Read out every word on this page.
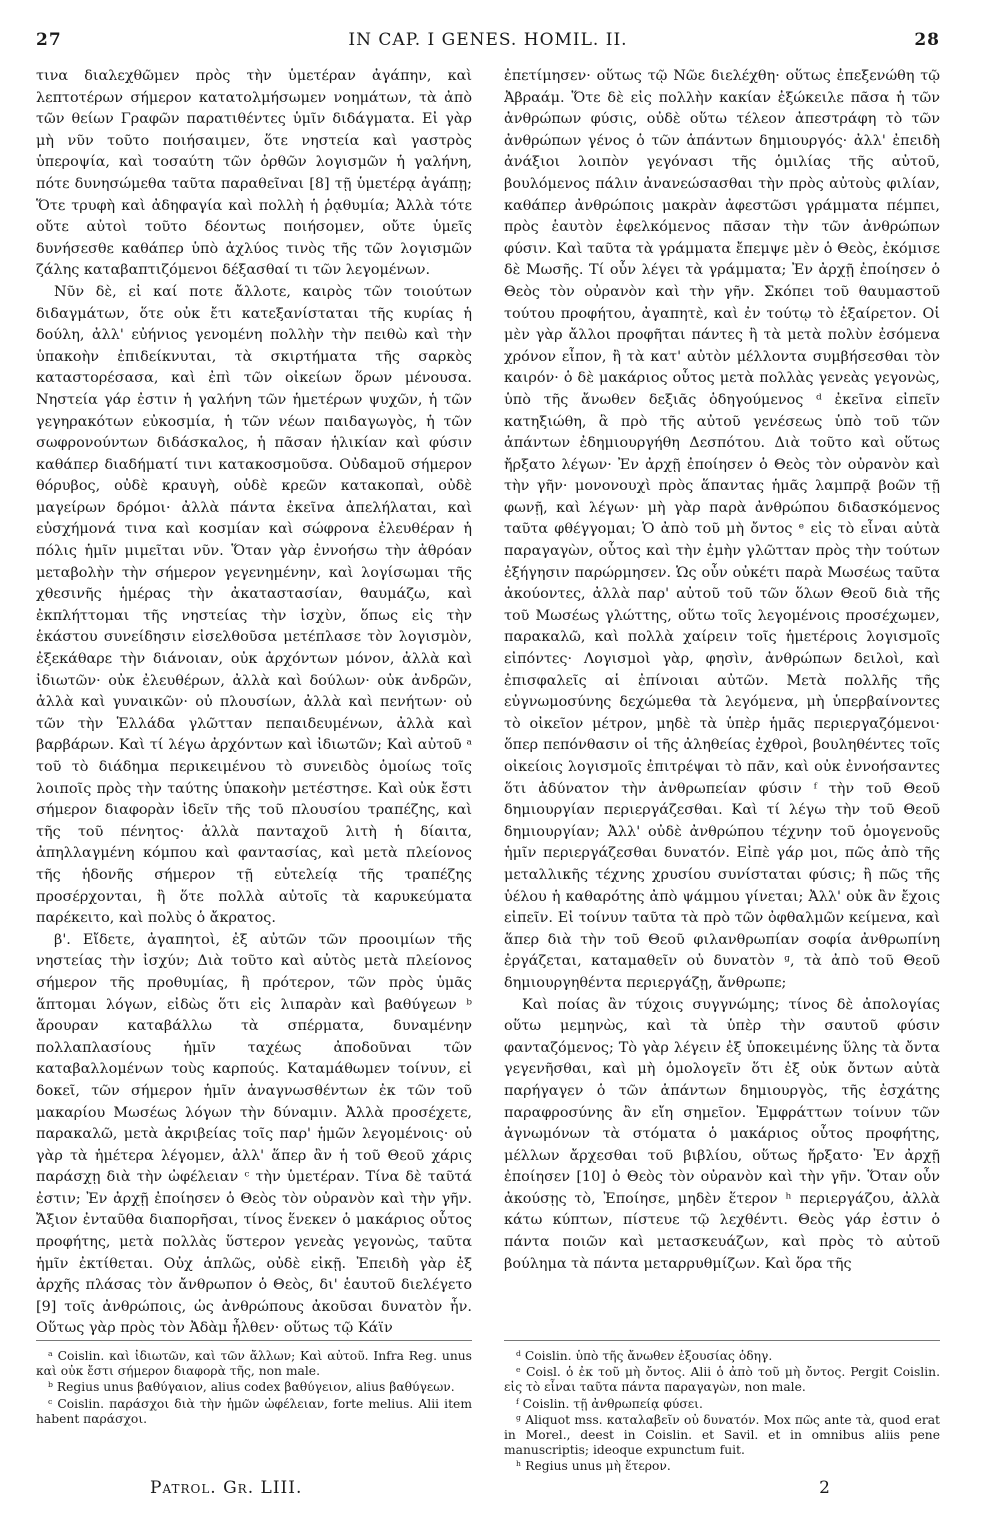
27	IN CAP. I GENES. HOMIL. II.	28

τινα διαλεχθῶμεν πρὸς τὴν ὑμετέραν ἀγάπην, καὶ λεπτοτέρων σήμερον κατατολμήσωμεν νοημάτων, τὰ ἀπὸ τῶν θείων Γραφῶν παρατιθέντες ὑμῖν διδάγματα. Εἰ γὰρ μὴ νῦν τοῦτο ποιήσαιμεν, ὅτε νηστεία καὶ γαστρὸς ὑπεροψία, καὶ τοσαύτη τῶν ὀρθῶν λογισμῶν ἡ γαλήνη, πότε δυνησώμεθα ταῦτα παραθεῖναι [8] τῇ ὑμετέρᾳ ἀγάπῃ; Ὅτε τρυφὴ καὶ ἀδηφαγία καὶ πολλὴ ἡ ῥᾳθυμία; Ἀλλὰ τότε οὔτε αὐτοὶ τοῦτο δέοντως ποιήσομεν, οὔτε ὑμεῖς δυνήσεσθε καθάπερ ὑπὸ ἀχλύος τινὸς τῆς τῶν λογισμῶν ζάλης καταβαπτιζόμενοι δέξασθαί τι τῶν λεγομένων.

Νῦν δὲ, εἰ καί ποτε ἄλλοτε, καιρὸς τῶν τοιούτων διδαγμάτων, ὅτε οὐκ ἔτι κατεξανίσταται τῆς κυρίας ἡ δούλη, ἀλλ' εὐήνιος γενομένη πολλὴν τὴν πειθὼ καὶ τὴν ὑπακοὴν ἐπιδείκνυται, τὰ σκιρτήματα τῆς σαρκὸς καταστορέσασα, καὶ ἐπὶ τῶν οἰκείων ὅρων μένουσα. Νηστεία γάρ ἐστιν ἡ γαλήνη τῶν ἡμετέρων ψυχῶν, ἡ τῶν γεγηρακότων εὐκοσμία, ἡ τῶν νέων παιδαγωγὸς, ἡ τῶν σωφρονούντων διδάσκαλος, ἡ πᾶσαν ἡλικίαν καὶ φύσιν καθάπερ διαδήματί τινι κατακοσμοῦσα. Οὐδαμοῦ σήμερον θόρυβος, οὐδὲ κραυγὴ, οὐδὲ κρεῶν κατακοπαὶ, οὐδὲ μαγείρων δρόμοι· ἀλλὰ πάντα ἐκεῖνα ἀπελήλαται, καὶ εὐσχήμονά τινα καὶ κοσμίαν καὶ σώφρονα ἐλευθέραν ἡ πόλις ἡμῖν μιμεῖται νῦν. Ὅταν γὰρ ἐννοήσω τὴν ἀθρόαν μεταβολὴν τὴν σήμερον γεγενημένην, καὶ λογίσωμαι τῆς χθεσινῆς ἡμέρας τὴν ἀκαταστασίαν, θαυμάζω, καὶ ἐκπλήττομαι τῆς νηστείας τὴν ἰσχὺν, ὅπως εἰς τὴν ἑκάστου συνείδησιν εἰσελθοῦσα μετέπλασε τὸν λογισμὸν, ἐξεκάθαρε τὴν διάνοιαν, οὐκ ἀρχόντων μόνον, ἀλλὰ καὶ ἰδιωτῶν· οὐκ ἐλευθέρων, ἀλλὰ καὶ δούλων· οὐκ ἀνδρῶν, ἀλλὰ καὶ γυναικῶν· οὐ πλουσίων, ἀλλὰ καὶ πενήτων· οὐ τῶν τὴν Ἑλλάδα γλῶτταν πεπαιδευμένων, ἀλλὰ καὶ βαρβάρων. Καὶ τί λέγω ἀρχόντων καὶ ἰδιωτῶν; Καὶ αὐτοῦ ᵃ τοῦ τὸ διάδημα περικειμένου τὸ συνειδὸς ὁμοίως τοῖς λοιποῖς πρὸς τὴν ταύτης ὑπακοὴν μετέστησε. Καὶ οὐκ ἔστι σήμερον διαφορὰν ἰδεῖν τῆς τοῦ πλουσίου τραπέζης, καὶ τῆς τοῦ πένητος· ἀλλὰ πανταχοῦ λιτὴ ἡ δίαιτα, ἀπηλλαγμένη κόμπου καὶ φαντασίας, καὶ μετὰ πλείονος τῆς ἡδονῆς σήμερον τῇ εὐτελείᾳ τῆς τραπέζης προσέρχονται, ἢ ὅτε πολλὰ αὐτοῖς τὰ καρυκεύματα παρέκειτο, καὶ πολὺς ὁ ἄκρατος.

β'. Εἴδετε, ἀγαπητοὶ, ἐξ αὐτῶν τῶν προοιμίων τῆς νηστείας τὴν ἰσχύν; Διὰ τοῦτο καὶ αὐτὸς μετὰ πλείονος σήμερον τῆς προθυμίας, ἢ πρότερον, τῶν πρὸς ὑμᾶς ἅπτομαι λόγων, εἰδὼς ὅτι εἰς λιπαρὰν καὶ βαθύγεων ᵇ ἄρουραν καταβάλλω τὰ σπέρματα, δυναμένην πολλαπλασίους ἡμῖν ταχέως ἀποδοῦναι τῶν καταβαλλομένων τοὺς καρπούς. Καταμάθωμεν τοίνυν, εἰ δοκεῖ, τῶν σήμερον ἡμῖν ἀναγνωσθέντων ἐκ τῶν τοῦ μακαρίου Μωσέως λόγων τὴν δύναμιν. Ἀλλὰ προσέχετε, παρακαλῶ, μετὰ ἀκριβείας τοῖς παρ' ἡμῶν λεγομένοις· οὐ γὰρ τὰ ἡμέτερα λέγομεν, ἀλλ' ἅπερ ἂν ἡ τοῦ Θεοῦ χάρις παράσχῃ διὰ τὴν ὠφέλειαν ᶜ τὴν ὑμετέραν. Τίνα δὲ ταῦτά ἐστιν; Ἐν ἀρχῇ ἐποίησεν ὁ Θεὸς τὸν οὐρανὸν καὶ τὴν γῆν. Ἄξιον ἐνταῦθα διαπορῆσαι, τίνος ἕνεκεν ὁ μακάριος οὗτος προφήτης, μετὰ πολλὰς ὕστερον γενεὰς γεγονὼς, ταῦτα ἡμῖν ἐκτίθεται. Οὐχ ἁπλῶς, οὐδὲ εἰκῇ. Ἐπειδὴ γὰρ ἐξ ἀρχῆς πλάσας τὸν ἄνθρωπον ὁ Θεὸς, δι' ἑαυτοῦ διελέγετο [9] τοῖς ἀνθρώποις, ὡς ἀνθρώπους ἀκοῦσαι δυνατὸν ἦν. Οὕτως γὰρ πρὸς τὸν Ἀδὰμ ἦλθεν· οὕτως τῷ Κάϊν

ἐπετίμησεν· οὕτως τῷ Νῶε διελέχθη· οὕτως ἐπεξενώθη τῷ Ἀβραάμ. Ὅτε δὲ εἰς πολλὴν κακίαν ἐξώκειλε πᾶσα ἡ τῶν ἀνθρώπων φύσις, οὐδὲ οὕτω τέλεον ἀπεστράφη τὸ τῶν ἀνθρώπων γένος ὁ τῶν ἁπάντων δημιουργός· ἀλλ' ἐπειδὴ ἀνάξιοι λοιπὸν γεγόνασι τῆς ὁμιλίας τῆς αὐτοῦ, βουλόμενος πάλιν ἀνανεώσασθαι τὴν πρὸς αὐτοὺς φιλίαν, καθάπερ ἀνθρώποις μακρὰν ἀφεστῶσι γράμματα πέμπει, πρὸς ἑαυτὸν ἐφελκόμενος πᾶσαν τὴν τῶν ἀνθρώπων φύσιν. Καὶ ταῦτα τὰ γράμματα ἔπεμψε μὲν ὁ Θεὸς, ἐκόμισε δὲ Μωσῆς. Τί οὖν λέγει τὰ γράμματα; Ἐν ἀρχῇ ἐποίησεν ὁ Θεὸς τὸν οὐρανὸν καὶ τὴν γῆν. Σκόπει τοῦ θαυμαστοῦ τούτου προφήτου, ἀγαπητὲ, καὶ ἐν τούτῳ τὸ ἐξαίρετον. Οἱ μὲν γὰρ ἄλλοι προφῆται πάντες ἢ τὰ μετὰ πολὺν ἐσόμενα χρόνον εἶπον, ἢ τὰ κατ' αὐτὸν μέλλοντα συμβήσεσθαι τὸν καιρόν· ὁ δὲ μακάριος οὗτος μετὰ πολλὰς γενεὰς γεγονὼς, ὑπὸ τῆς ἄνωθεν δεξιᾶς ὁδηγούμενος ᵈ ἐκεῖνα εἰπεῖν κατηξιώθη, ἃ πρὸ τῆς αὐτοῦ γενέσεως ὑπὸ τοῦ τῶν ἁπάντων ἐδημιουργήθη Δεσπότου. Διὰ τοῦτο καὶ οὕτως ἤρξατο λέγων· Ἐν ἀρχῇ ἐποίησεν ὁ Θεὸς τὸν οὐρανὸν καὶ τὴν γῆν· μονονουχὶ πρὸς ἅπαντας ἡμᾶς λαμπρᾷ βοῶν τῇ φωνῇ, καὶ λέγων· μὴ γὰρ παρὰ ἀνθρώπου διδασκόμενος ταῦτα φθέγγομαι; Ὁ ἀπὸ τοῦ μὴ ὄντος ᵉ εἰς τὸ εἶναι αὐτὰ παραγαγὼν, οὗτος καὶ τὴν ἐμὴν γλῶτταν πρὸς τὴν τούτων ἐξήγησιν παρώρμησεν. Ὡς οὖν οὐκέτι παρὰ Μωσέως ταῦτα ἀκούοντες, ἀλλὰ παρ' αὐτοῦ τοῦ τῶν ὅλων Θεοῦ διὰ τῆς τοῦ Μωσέως γλώττης, οὕτω τοῖς λεγομένοις προσέχωμεν, παρακαλῶ, καὶ πολλὰ χαίρειν τοῖς ἡμετέροις λογισμοῖς εἰπόντες· Λογισμοὶ γὰρ, φησὶν, ἀνθρώπων δειλοὶ, καὶ ἐπισφαλεῖς αἱ ἐπίνοιαι αὐτῶν. Μετὰ πολλῆς τῆς εὐγνωμοσύνης δεχώμεθα τὰ λεγόμενα, μὴ ὑπερβαίνοντες τὸ οἰκεῖον μέτρον, μηδὲ τὰ ὑπὲρ ἡμᾶς περιεργαζόμενοι· ὅπερ πεπόνθασιν οἱ τῆς ἀληθείας ἐχθροὶ, βουληθέντες τοῖς οἰκείοις λογισμοῖς ἐπιτρέψαι τὸ πᾶν, καὶ οὐκ ἐννοήσαντες ὅτι ἀδύνατον τὴν ἀνθρωπείαν φύσιν ᶠ τὴν τοῦ Θεοῦ δημιουργίαν περιεργάζεσθαι. Καὶ τί λέγω τὴν τοῦ Θεοῦ δημιουργίαν; Ἀλλ' οὐδὲ ἀνθρώπου τέχνην τοῦ ὁμογενοῦς ἡμῖν περιεργάζεσθαι δυνατόν. Εἰπὲ γάρ μοι, πῶς ἀπὸ τῆς μεταλλικῆς τέχνης χρυσίου συνίσταται φύσις; ἢ πῶς τῆς ὑέλου ἡ καθαρότης ἀπὸ ψάμμου γίνεται; Ἀλλ' οὐκ ἂν ἔχοις εἰπεῖν. Εἰ τοίνυν ταῦτα τὰ πρὸ τῶν ὀφθαλμῶν κείμενα, καὶ ἅπερ διὰ τὴν τοῦ Θεοῦ φιλανθρωπίαν σοφία ἀνθρωπίνη ἐργάζεται, καταμαθεῖν οὐ δυνατὸν ᵍ, τὰ ἀπὸ τοῦ Θεοῦ δημιουργηθέντα περιεργάζῃ, ἄνθρωπε;

Καὶ ποίας ἂν τύχοις συγγνώμης; τίνος δὲ ἀπολογίας οὕτω μεμηνὼς, καὶ τὰ ὑπὲρ τὴν σαυτοῦ φύσιν φανταζόμενος; Τὸ γὰρ λέγειν ἐξ ὑποκειμένης ὕλης τὰ ὄντα γεγενῆσθαι, καὶ μὴ ὁμολογεῖν ὅτι ἐξ οὐκ ὄντων αὐτὰ παρήγαγεν ὁ τῶν ἁπάντων δημιουργὸς, τῆς ἐσχάτης παραφροσύνης ἂν εἴη σημεῖον. Ἐμφράττων τοίνυν τῶν ἀγνωμόνων τὰ στόματα ὁ μακάριος οὗτος προφήτης, μέλλων ἄρχεσθαι τοῦ βιβλίου, οὕτως ἤρξατο· Ἐν ἀρχῇ ἐποίησεν [10] ὁ Θεὸς τὸν οὐρανὸν καὶ τὴν γῆν. Ὅταν οὖν ἀκούσῃς τὸ, Ἐποίησε, μηδὲν ἕτερον ʰ περιεργάζου, ἀλλὰ κάτω κύπτων, πίστευε τῷ λεχθέντι. Θεὸς γάρ ἐστιν ὁ πάντα ποιῶν καὶ μετασκευάζων, καὶ πρὸς τὸ αὐτοῦ βούλημα τὰ πάντα μεταρρυθμίζων. Καὶ ὅρα τῆς

ᵃ Coislin. καὶ ἰδιωτῶν, καὶ τῶν ἄλλων; Καὶ αὐτοῦ. Infra Reg. unus καὶ οὐκ ἔστι σήμερον διαφορὰ τῆς, non male.

ᵇ Regius unus βαθύγαιον, alius codex βαθύγειον, alius βαθύγεων.

ᶜ Coislin. παράσχοι διὰ τὴν ἡμῶν ὠφέλειαν, forte melius. Alii item habent παράσχοι.

ᵈ Coislin. ὑπὸ τῆς ἄνωθεν ἐξουσίας ὁδηγ.

ᵉ Coisl. ὁ ἐκ τοῦ μὴ ὄντος. Alii ὁ ἀπὸ τοῦ μὴ ὄντος. Pergit Coislin. εἰς τὸ εἶναι ταῦτα πάντα παραγαγὼν, non male.

ᶠ Coislin. τῇ ἀνθρωπείᾳ φύσει.

ᵍ Aliquot mss. καταλαβεῖν οὐ δυνατόν. Mox πῶς ante τὰ, quod erat in Morel., deest in Coislin. et Savil. et in omnibus aliis pene manuscriptis; ideoque expunctum fuit.

ʰ Regius unus μὴ ἕτερον.

Patrol. Gr. LIII.	2
